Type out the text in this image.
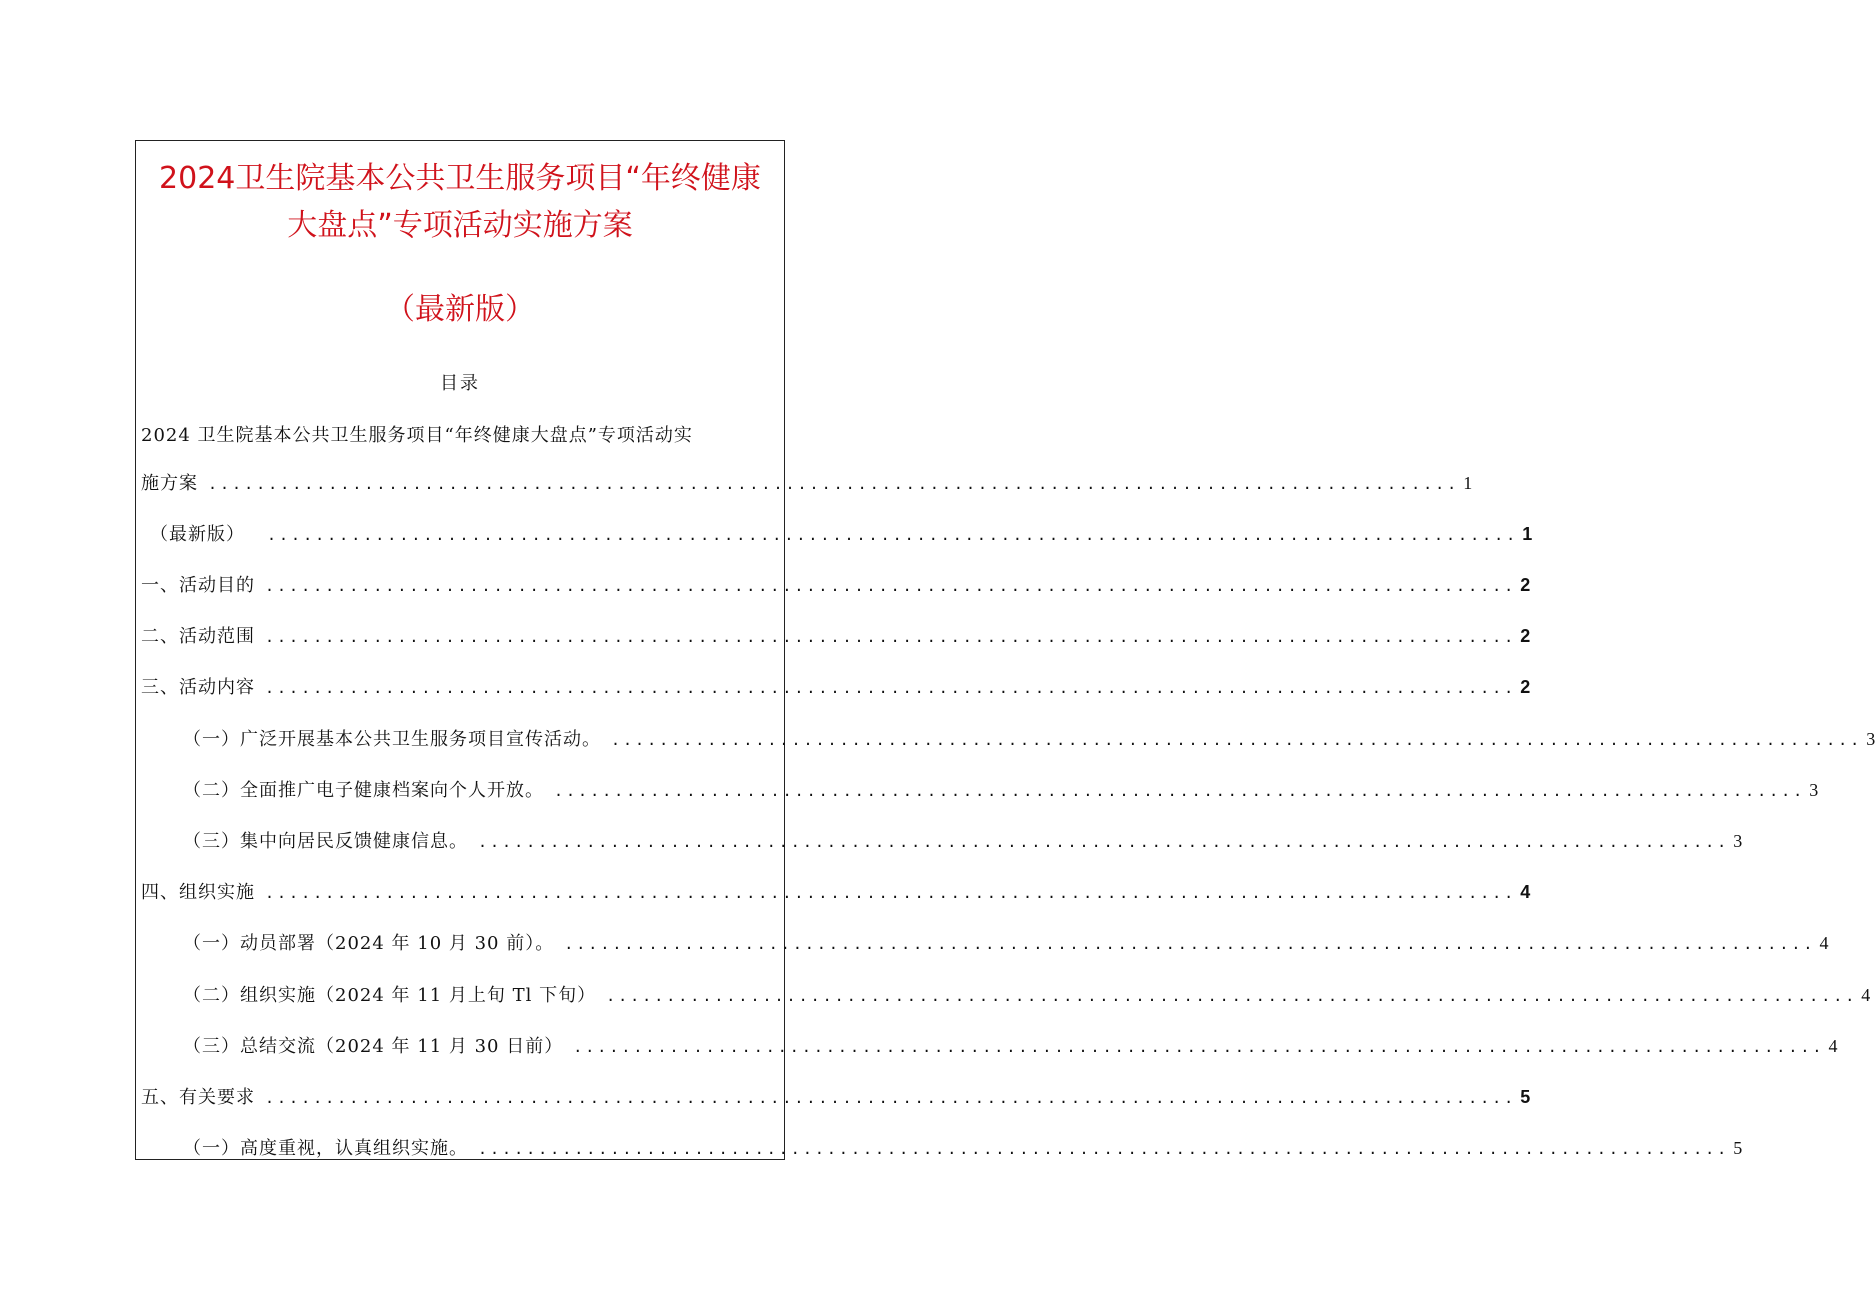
2024卫生院基本公共卫生服务项目“年终健康
大盘点”专项活动实施方案
（最新版）
目录
2024 卫生院基本公共卫生服务项目“年终健康大盘点”专项活动实
施方案 ........................................................................................................ 1
（最新版） ........................................................................................................ 1
一、活动目的 ........................................................................................................ 2
二、活动范围 ........................................................................................................ 2
三、活动内容 ........................................................................................................ 2
（一）广泛开展基本公共卫生服务项目宣传活动。 ........................................................................................................ 3
（二）全面推广电子健康档案向个人开放。 ........................................................................................................ 3
（三）集中向居民反馈健康信息。 ........................................................................................................ 3
四、组织实施 ........................................................................................................ 4
（一）动员部署（2024 年 10 月 30 前）。 ........................................................................................................ 4
（二）组织实施（2024 年 11 月上旬 Tl 下旬） ........................................................................................................ 4
（三）总结交流（2024 年 11 月 30 日前） ........................................................................................................ 4
五、有关要求 ........................................................................................................ 5
（一）高度重视，认真组织实施。 ........................................................................................................ 5
